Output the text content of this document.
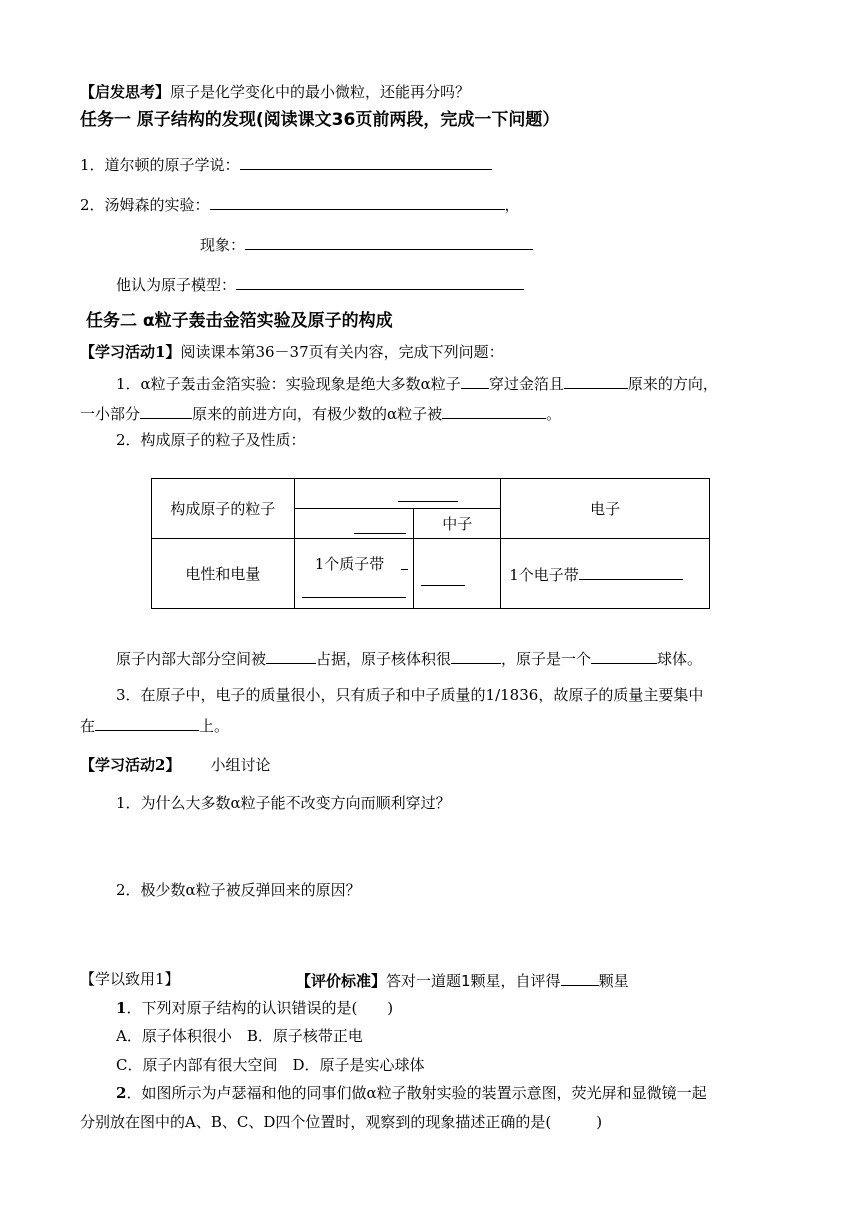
【启发思考】原子是化学变化中的最小微粒，还能再分吗？
任务一 原子结构的发现(阅读课文36页前两段，完成一下问题）
1．道尔顿的原子学说：
2．汤姆森的实验：	，
现象：
他认为原子模型：
任务二 α粒子轰击金箔实验及原子的构成
【学习活动1】阅读课本第36－37页有关内容，完成下列问题：
1．α粒子轰击金箔实验：实验现象是绝大多数α粒子 穿过金箔且	原来的方向，
一小部分	原来的前进方向，有极少数的α粒子被	。
2．构成原子的粒子及性质：
构成原子的粒子			电子

		中子	
电性和电量	1个质子带		1个电子带
原子内部大部分空间被	占据，原子核体积很	，原子是一个	球体。
3．在原子中，电子的质量很小，只有质子和中子质量的1/1836，故原子的质量主要集中
在	上。
【学习活动2】 小组讨论
1．为什么大多数α粒子能不改变方向而顺利穿过？
2．极少数α粒子被反弹回来的原因？
【学以致用1】	【评价标准】答对一道题1颗星，自评得	颗星
1．下列对原子结构的认识错误的是(　　)
A．原子体积很小　B．原子核带正电
C．原子内部有很大空间　D．原子是实心球体
2．如图所示为卢瑟福和他的同事们做α粒子散射实验的装置示意图，荧光屏和显微镜一起
分别放在图中的A、B、C、D四个位置时，观察到的现象描述正确的是(　　　)
